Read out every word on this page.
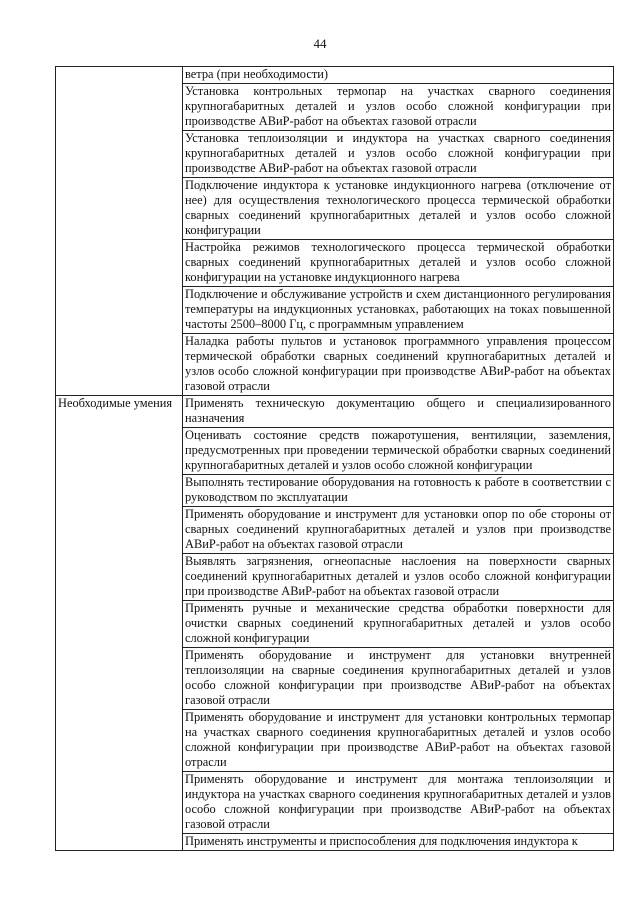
44
	ветра (при необходимости)
	Установка контрольных термопар на участках сварного соединения крупногабаритных деталей и узлов особо сложной конфигурации при производстве АВиР-работ на объектах газовой отрасли
	Установка теплоизоляции и индуктора на участках сварного соединения крупногабаритных деталей и узлов особо сложной конфигурации при производстве АВиР-работ на объектах газовой отрасли
	Подключение индуктора к установке индукционного нагрева (отключение от нее) для осуществления технологического процесса термической обработки сварных соединений крупногабаритных деталей и узлов особо сложной конфигурации
	Настройка режимов технологического процесса термической обработки сварных соединений крупногабаритных деталей и узлов особо сложной конфигурации на установке индукционного нагрева
	Подключение и обслуживание устройств и схем дистанционного регулирования температуры на индукционных установках, работающих на токах повышенной частоты 2500–8000 Гц, с программным управлением
	Наладка работы пультов и установок программного управления процессом термической обработки сварных соединений крупногабаритных деталей и узлов особо сложной конфигурации при производстве АВиР-работ на объектах газовой отрасли
Необходимые умения	Применять техническую документацию общего и специализированного назначения
	Оценивать состояние средств пожаротушения, вентиляции, заземления, предусмотренных при проведении термической обработки сварных соединений крупногабаритных деталей и узлов особо сложной конфигурации
	Выполнять тестирование оборудования на готовность к работе в соответствии с руководством по эксплуатации
	Применять оборудование и инструмент для установки опор по обе стороны от сварных соединений крупногабаритных деталей и узлов при производстве АВиР-работ на объектах газовой отрасли
	Выявлять загрязнения, огнеопасные наслоения на поверхности сварных соединений крупногабаритных деталей и узлов особо сложной конфигурации при производстве АВиР-работ на объектах газовой отрасли
	Применять ручные и механические средства обработки поверхности для очистки сварных соединений крупногабаритных деталей и узлов особо сложной конфигурации
	Применять оборудование и инструмент для установки внутренней теплоизоляции на сварные соединения крупногабаритных деталей и узлов особо сложной конфигурации при производстве АВиР-работ на объектах газовой отрасли
	Применять оборудование и инструмент для установки контрольных термопар на участках сварного соединения крупногабаритных деталей и узлов особо сложной конфигурации при производстве АВиР-работ на объектах газовой отрасли
	Применять оборудование и инструмент для монтажа теплоизоляции и индуктора на участках сварного соединения крупногабаритных деталей и узлов особо сложной конфигурации при производстве АВиР-работ на объектах газовой отрасли
	Применять инструменты и приспособления для подключения индуктора к
